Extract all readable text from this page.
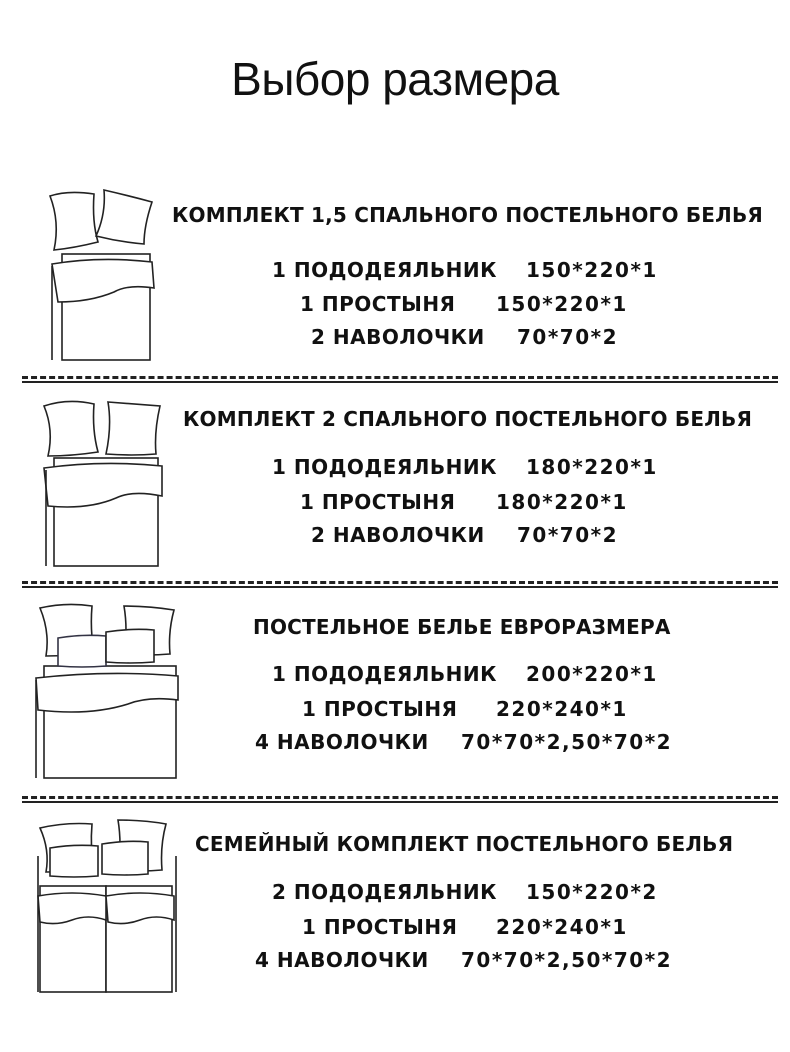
Выбор размера
КОМПЛЕКТ 1,5 СПАЛЬНОГО ПОСТЕЛЬНОГО БЕЛЬЯ
1 ПОДОДЕЯЛЬНИК 150*220*1
1 ПРОСТЫНЯ 150*220*1
2 НАВОЛОЧКИ 70*70*2
КОМПЛЕКТ 2 СПАЛЬНОГО ПОСТЕЛЬНОГО БЕЛЬЯ
1 ПОДОДЕЯЛЬНИК 180*220*1
1 ПРОСТЫНЯ 180*220*1
2 НАВОЛОЧКИ 70*70*2
ПОСТЕЛЬНОЕ БЕЛЬЕ ЕВРОРАЗМЕРА
1 ПОДОДЕЯЛЬНИК 200*220*1
1 ПРОСТЫНЯ 220*240*1
4 НАВОЛОЧКИ 70*70*2,50*70*2
СЕМЕЙНЫЙ КОМПЛЕКТ ПОСТЕЛЬНОГО БЕЛЬЯ
2 ПОДОДЕЯЛЬНИК 150*220*2
1 ПРОСТЫНЯ 220*240*1
4 НАВОЛОЧКИ 70*70*2,50*70*2
